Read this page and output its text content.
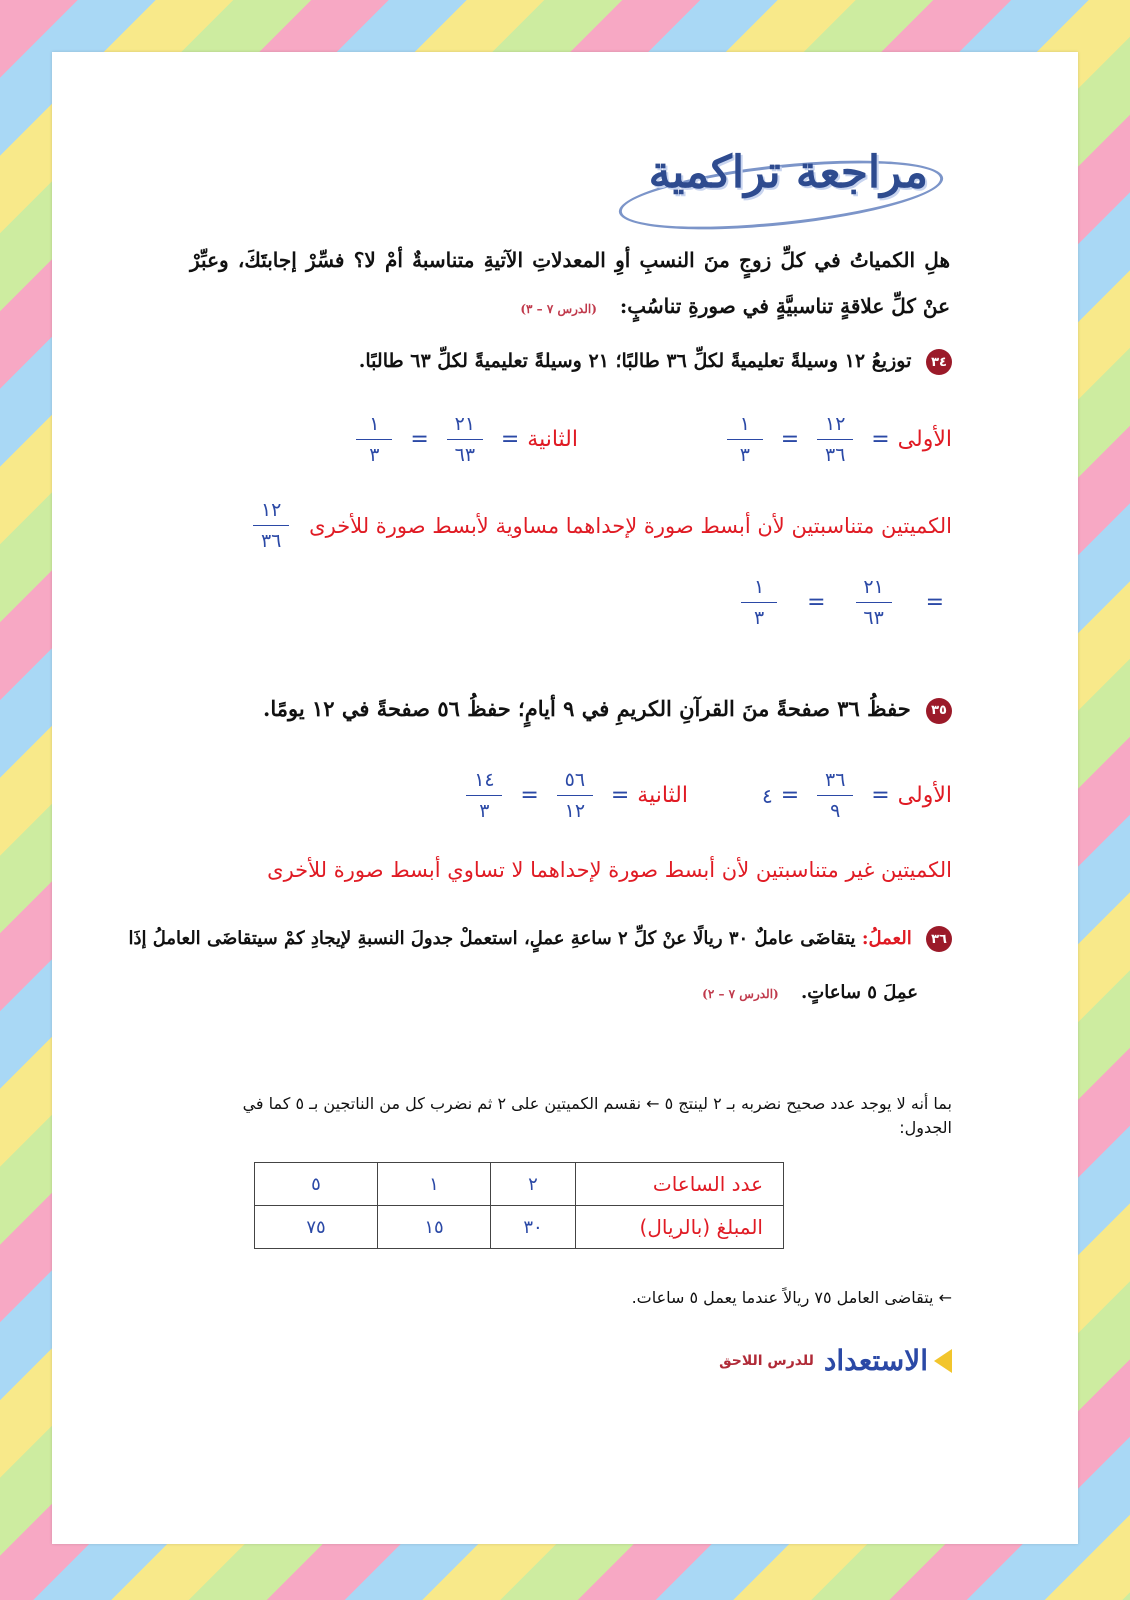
مراجعة تراكمية
هلِ الكمياتُ في كلِّ زوجٍ منَ النسبِ أوِ المعدلاتِ الآتيةِ متناسبةٌ أمْ لا؟ فسِّرْ إجابتَكَ، وعبِّرْ عنْ كلِّ علاقةٍ تناسبيَّةٍ في صورةِ تناسُبٍ: (الدرس ٧ – ٣)
٣٤ توزيعُ ١٢ وسيلةً تعليميةً لكلِّ ٣٦ طالبًا؛ ٢١ وسيلةً تعليميةً لكلِّ ٦٣ طالبًا.
الأولى
=
$\frac{١٢}{٣٦}$
=
$\frac{١}{٣}$
الثانية
=
$\frac{٢١}{٦٣}$
=
$\frac{١}{٣}$
الكميتين متناسبتين لأن أبسط صورة لإحداهما مساوية لأبسط صورة للأخرى
$\frac{١٢}{٣٦}$
=
$\frac{٢١}{٦٣}$
=
$\frac{١}{٣}$
٣٥ حفظُ ٣٦ صفحةً منَ القرآنِ الكريمِ في ٩ أيامٍ؛ حفظُ ٥٦ صفحةً في ١٢ يومًا.
الأولى
=
$\frac{٣٦}{٩}$
=
٤
الثانية
=
$\frac{٥٦}{١٢}$
=
$\frac{١٤}{٣}$
الكميتين غير متناسبتين لأن أبسط صورة لإحداهما لا تساوي أبسط صورة للأخرى
٣٦ العملُ: يتقاضَى عاملٌ ٣٠ ريالًا عنْ كلِّ ٢ ساعةِ عملٍ، استعملْ جدولَ النسبةِ لإيجادِ كمْ سيتقاضَى العاملُ إذَا
عمِلَ ٥ ساعاتٍ. (الدرس ٧ – ٢)
بما أنه لا يوجد عدد صحيح نضربه بـ ٢ لينتج ٥ ← نقسم الكميتين على ٢ ثم نضرب كل من الناتجين بـ ٥ كما في الجدول:
عدد الساعات	٢	١	٥
المبلغ (بالريال)	٣٠	١٥	٧٥
← يتقاضى العامل ٧٥ ريالاً عندما يعمل ٥ ساعات.
الاستعداد
للدرس اللاحق
